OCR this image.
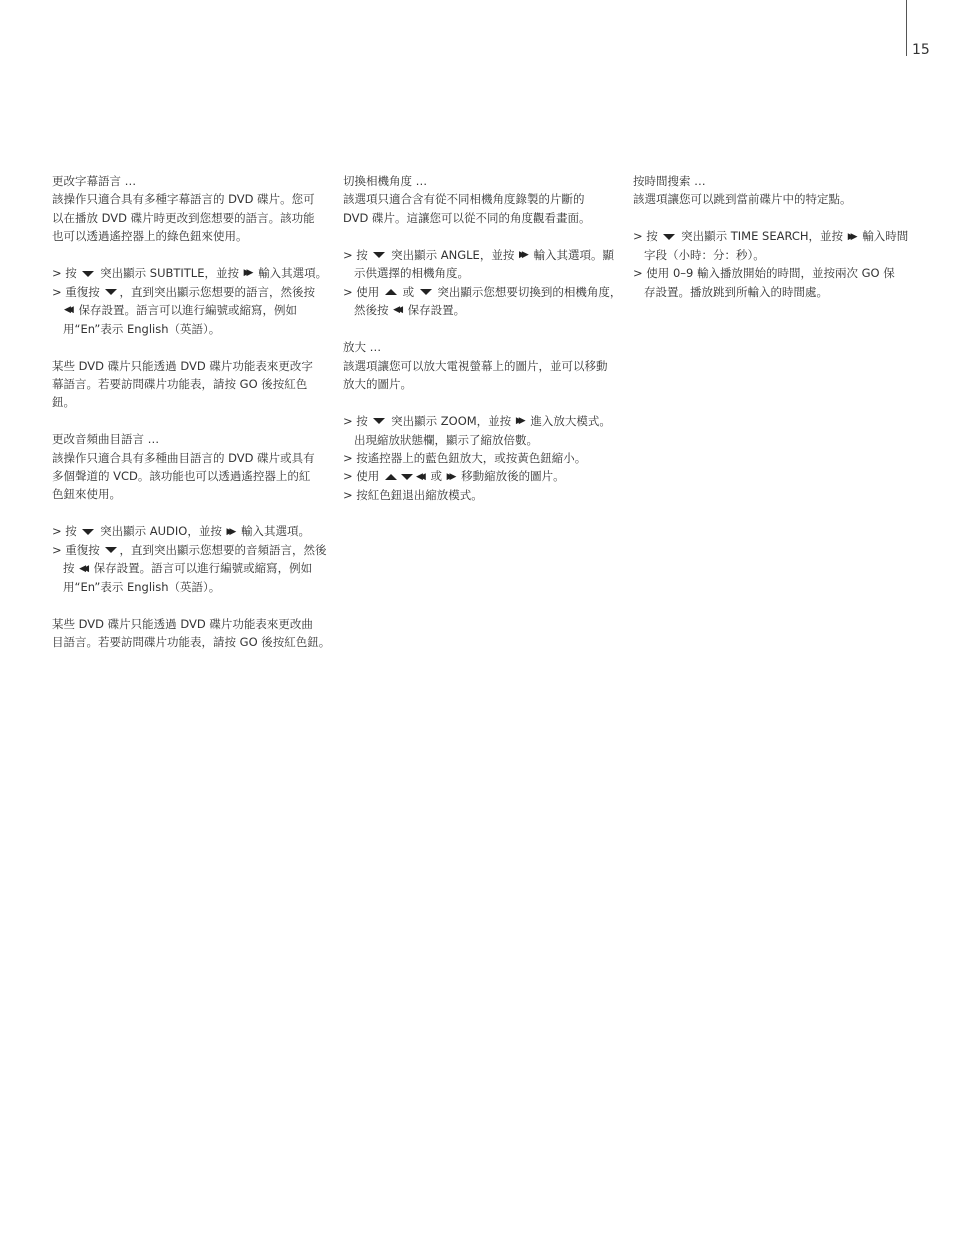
15

更改字幕語言 …

該操作只適合具有多種字幕語言的 DVD 碟片。您可

以在播放 DVD 碟片時更改到您想要的語言。該功能

也可以透過遙控器上的綠色鈕來使用。

> 按  突出顯示 SUBTITLE，並按 ▶▶ 輸入其選項。

> 重復按 ，直到突出顯示您想要的語言，然後按

◀◀ 保存設置。語言可以進行編號或縮寫，例如

用“En”表示 English（英語）。

某些 DVD 碟片只能透過 DVD 碟片功能表來更改字

幕語言。若要訪問碟片功能表，請按 GO 後按紅色

鈕。

更改音頻曲目語言 …

該操作只適合具有多種曲目語言的 DVD 碟片或具有

多個聲道的 VCD。該功能也可以透過遙控器上的紅

色鈕來使用。

> 按  突出顯示 AUDIO，並按 ▶▶ 輸入其選項。

> 重復按 ，直到突出顯示您想要的音頻語言，然後

按 ◀◀ 保存設置。語言可以進行編號或縮寫，例如

用“En”表示 English（英語）。

某些 DVD 碟片只能透過 DVD 碟片功能表來更改曲

目語言。若要訪問碟片功能表，請按 GO 後按紅色鈕。

切換相機角度 …

該選項只適合含有從不同相機角度錄製的片斷的

DVD 碟片。這讓您可以從不同的角度觀看畫面。

> 按  突出顯示 ANGLE，並按 ▶▶ 輸入其選項。顯

示供選擇的相機角度。

> 使用  或  突出顯示您想要切換到的相機角度，

然後按 ◀◀ 保存設置。

放大 …

該選項讓您可以放大電視螢幕上的圖片，並可以移動

放大的圖片。

> 按  突出顯示 ZOOM，並按 ▶▶ 進入放大模式。

出現縮放狀態欄，顯示了縮放倍數。

> 按遙控器上的藍色鈕放大，或按黃色鈕縮小。

> 使用	◀◀ 或 ▶▶ 移動縮放後的圖片。

> 按紅色鈕退出縮放模式。

按時間搜索 …

該選項讓您可以跳到當前碟片中的特定點。

> 按  突出顯示 TIME SEARCH，並按 ▶▶ 輸入時間

字段（小時：分：秒）。

> 使用 0–9 輸入播放開始的時間，並按兩次 GO 保

存設置。播放跳到所輸入的時間處。
